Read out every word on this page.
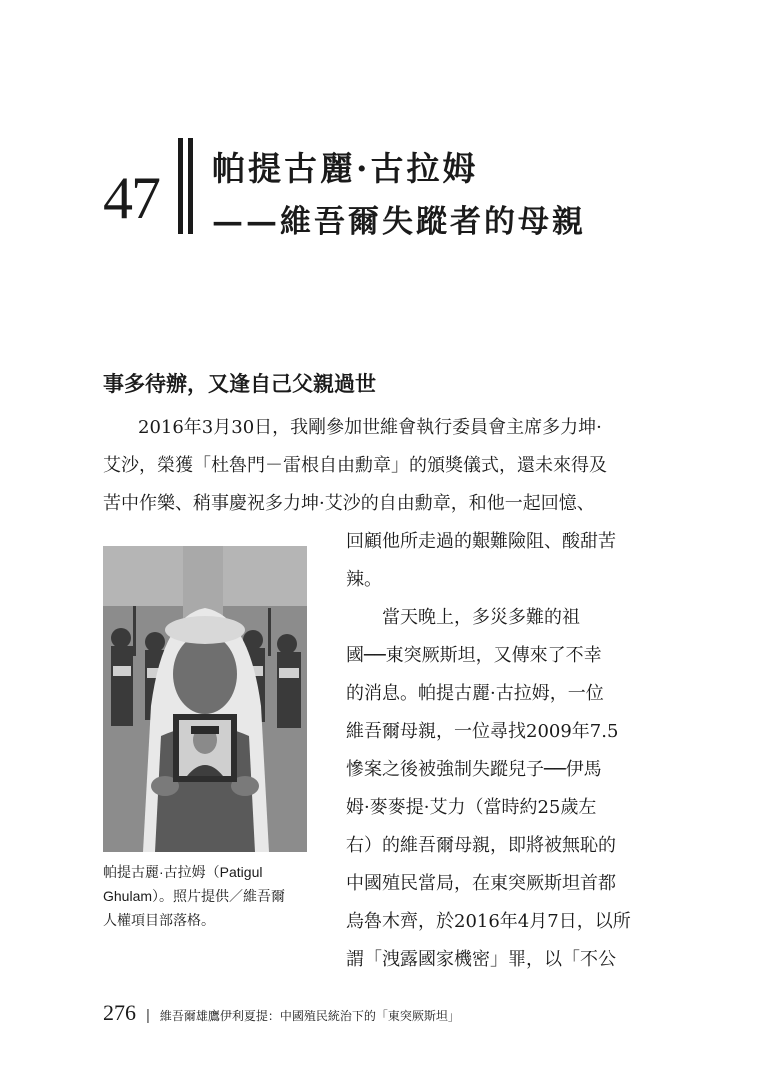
47 帕提古麗·古拉姆
——維吾爾失蹤者的母親
事多待辦，又逢自己父親過世
2016年3月30日，我剛參加世維會執行委員會主席多力坤·
艾沙，榮獲「杜魯門－雷根自由勳章」的頒獎儀式，還未來得及
苦中作樂、稍事慶祝多力坤·艾沙的自由勳章，和他一起回憶、
回顧他所走過的艱難險阻、酸甜苦
辣。
當天晚上，多災多難的祖
國──東突厥斯坦，又傳來了不幸
的消息。帕提古麗·古拉姆，一位
維吾爾母親，一位尋找2009年7.5
慘案之後被強制失蹤兒子──伊馬
姆·麥麥提·艾力（當時約25歲左
右）的維吾爾母親，即將被無恥的
中國殖民當局，在東突厥斯坦首都
烏魯木齊，於2016年4月7日，以所
謂「洩露國家機密」罪，以「不公
帕提古麗·古拉姆（Patigul
Ghulam）。照片提供／維吾爾
人權項目部落格。
276 | 維吾爾雄鷹伊利夏提：中國殖民統治下的「東突厥斯坦」
